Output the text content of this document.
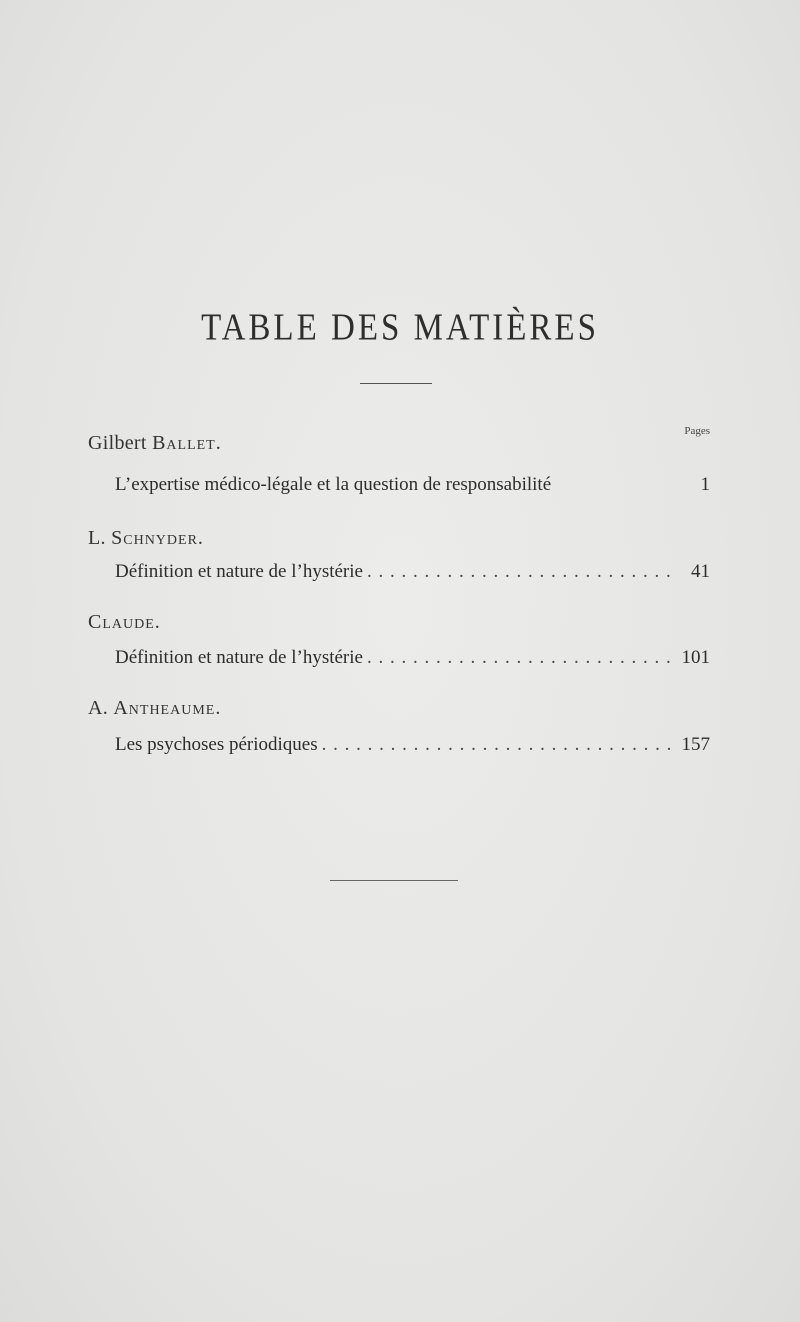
TABLE DES MATIÈRES
Pages
Gilbert Ballet.
L’expertise médico-légale et la question de responsabilité	1
L. Schnyder.
Définition et nature de l’hystérie . . .	41
Claude.
Définition et nature de l’hystérie . . .	101
A. Antheaume.
Les psychoses périodiques . . .	157
